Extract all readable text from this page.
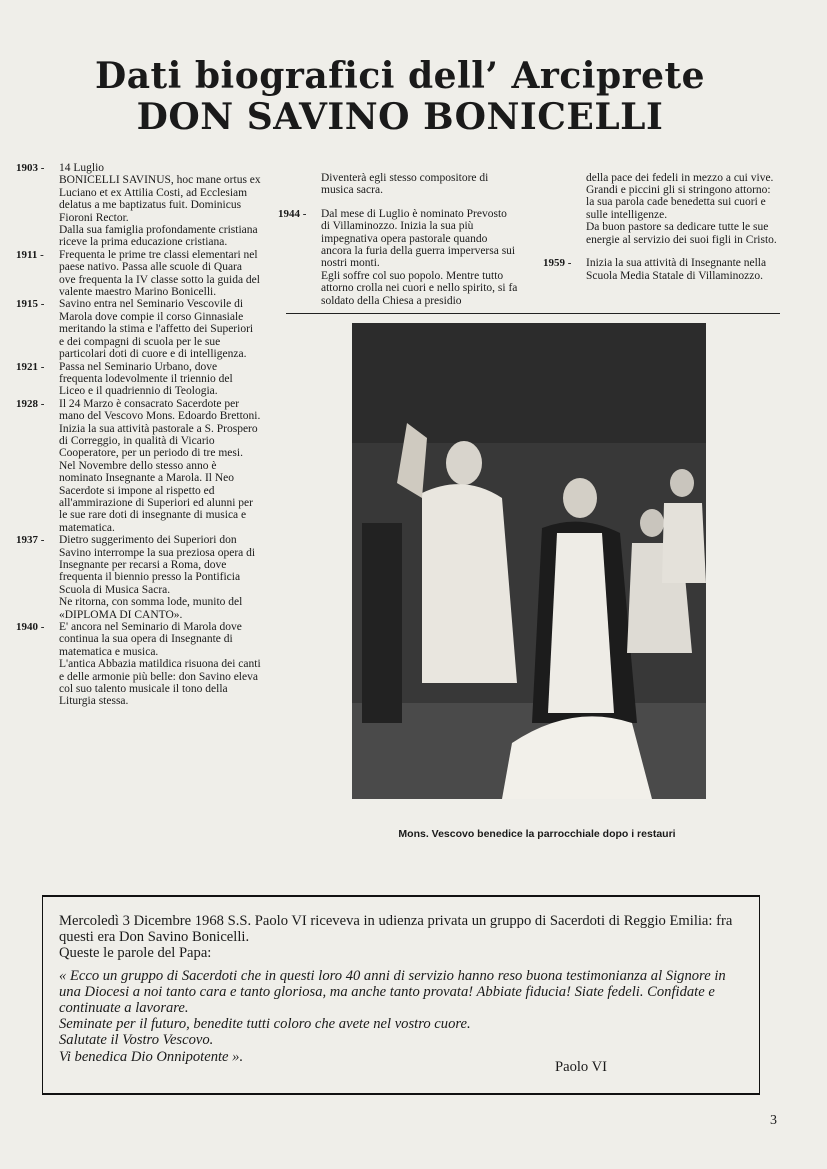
Dati biografici dell’ Arciprete
DON SAVINO BONICELLI
1903 -	14 Luglio
BONICELLI SAVINUS, hoc mane ortus ex Luciano et ex Attilia Costi, ad Ecclesiam delatus a me baptizatus fuit. Dominicus Fioroni Rector.
Dalla sua famiglia profondamente cristiana riceve la prima educazione cristiana.
1911 -	Frequenta le prime tre classi elementari nel paese nativo. Passa alle scuole di Quara ove frequenta la IV classe sotto la guida del valente maestro Marino Bonicelli.
1915 -	Savino entra nel Seminario Vescovile di Marola dove compie il corso Ginnasiale meritando la stima e l'affetto dei Superiori e dei compagni di scuola per le sue particolari doti di cuore e di intelligenza.
1921 -	Passa nel Seminario Urbano, dove frequenta lodevolmente il triennio del Liceo e il quadriennio di Teologia.
1928 -	Il 24 Marzo è consacrato Sacerdote per mano del Vescovo Mons. Edoardo Brettoni.
Inizia la sua attività pastorale a S. Prospero di Correggio, in qualità di Vicario Cooperatore, per un periodo di tre mesi. Nel Novembre dello stesso anno è nominato Insegnante a Marola. Il Neo Sacerdote si impone al rispetto ed all'ammirazione di Superiori ed alunni per le sue rare doti di insegnante di musica e matematica.
1937 -	Dietro suggerimento dei Superiori don Savino interrompe la sua preziosa opera di Insegnante per recarsi a Roma, dove frequenta il biennio presso la Pontificia Scuola di Musica Sacra.
Ne ritorna, con somma lode, munito del «DIPLOMA DI CANTO».
1940 -	E' ancora nel Seminario di Marola dove continua la sua opera di Insegnante di matematica e musica.
L'antica Abbazia matildica risuona dei canti e delle armonie più belle: don Savino eleva col suo talento musicale il tono della Liturgia stessa.

Diventerà egli stesso compositore di musica sacra.

1944 -	Dal mese di Luglio è nominato Prevosto di Villaminozzo. Inizia la sua più impegnativa opera pastorale quando ancora la furia della guerra imperversa sui nostri monti.
Egli soffre col suo popolo. Mentre tutto attorno crolla nei cuori e nello spirito, si fa soldato della Chiesa a presidio

della pace dei fedeli in mezzo a cui vive.
Grandi e piccini gli si stringono attorno: la sua parola cade benedetta sui cuori e sulle intelligenze.
Da buon pastore sa dedicare tutte le sue energie al servizio dei suoi figli in Cristo.

1959 -	Inizia la sua attività di Insegnante nella Scuola Media Statale di Villaminozzo.
Mons. Vescovo benedice la parrocchiale dopo i restauri

Mercoledì 3 Dicembre 1968 S.S. Paolo VI riceveva in udienza privata un gruppo di Sacerdoti di Reggio Emilia: fra questi era Don Savino Bonicelli.
Queste le parole del Papa:

« Ecco un gruppo di Sacerdoti che in questi loro 40 anni di servizio hanno reso buona testimonianza al Signore in una Diocesi a noi tanto cara e tanto gloriosa, ma anche tanto provata! Abbiate fiducia! Siate fedeli. Confidate e continuate a lavorare.
Seminate per il futuro, benedite tutti coloro che avete nel vostro cuore.
Salutate il Vostro Vescovo.
Vi benedica Dio Onnipotente ».

Paolo VI
3
